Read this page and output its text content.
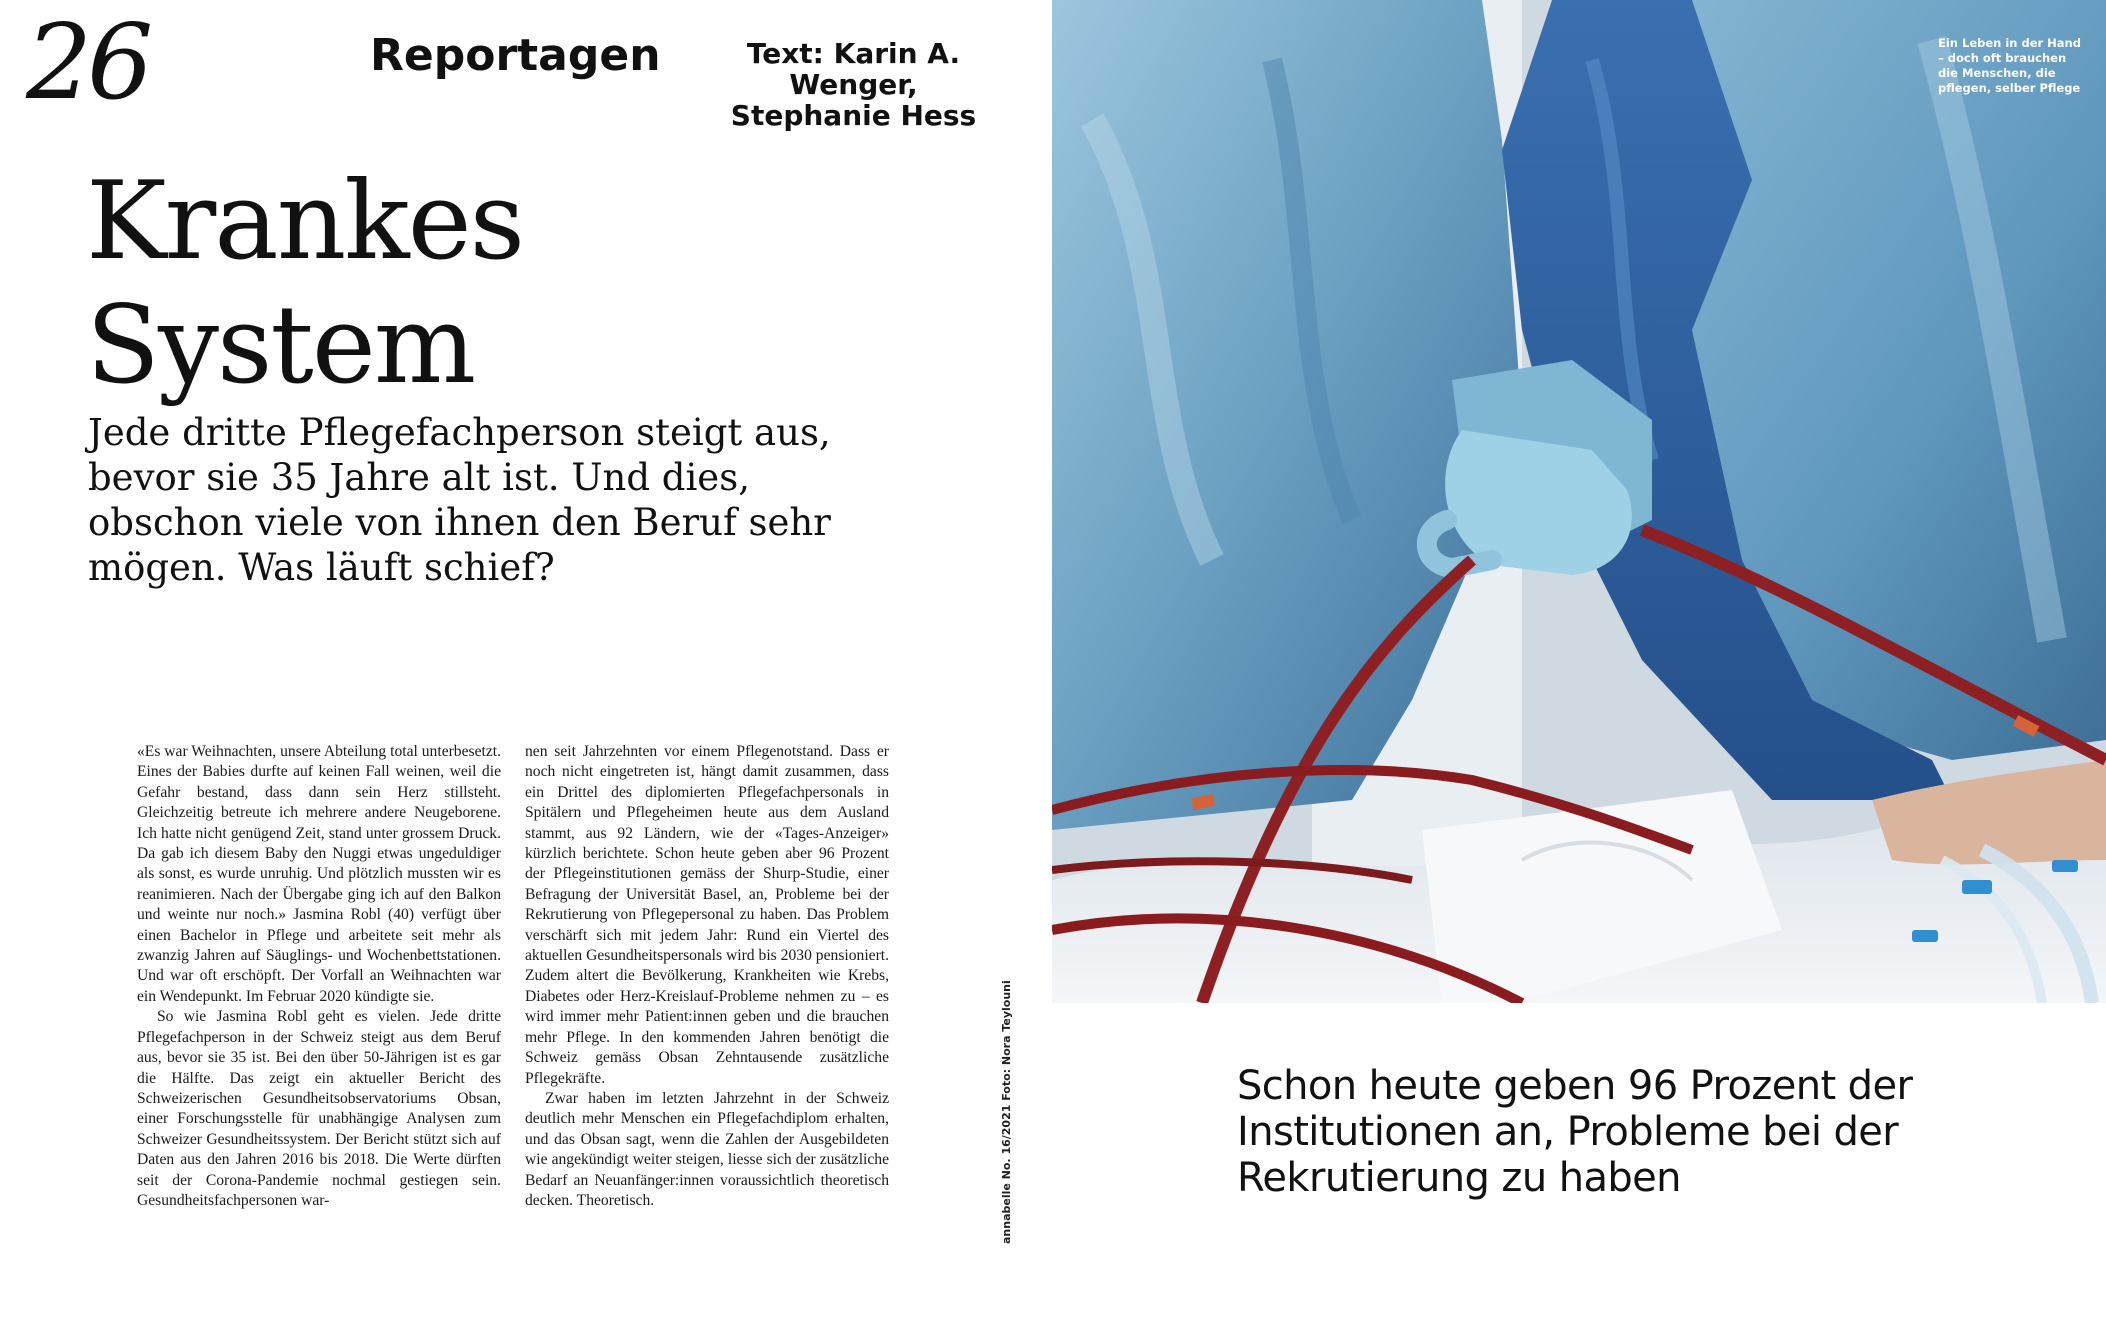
26	Reportagen	Text: Karin A. Wenger, Stephanie Hess
Krankes
System
Jede dritte Pflegefachperson steigt aus, bevor sie 35 Jahre alt ist. Und dies, obschon viele von ihnen den Beruf sehr mögen. Was läuft schief?

«Es war Weihnachten, unsere Abteilung total unterbesetzt. Eines der Babies durfte auf keinen Fall weinen, weil die Gefahr bestand, dass dann sein Herz stillsteht. Gleichzeitig betreute ich mehrere andere Neugeborene. Ich hatte nicht genügend Zeit, stand unter grossem Druck. Da gab ich diesem Baby den Nuggi etwas ungeduldiger als sonst, es wurde unruhig. Und plötzlich mussten wir es reanimieren. Nach der Übergabe ging ich auf den Balkon und weinte nur noch.» Jasmina Robl (40) verfügt über einen Bachelor in Pflege und arbeitete seit mehr als zwanzig Jahren auf Säuglings- und Wochenbettstationen. Und war oft erschöpft. Der Vorfall an Weihnachten war ein Wendepunkt. Im Februar 2020 kündigte sie.

So wie Jasmina Robl geht es vielen. Jede dritte Pflegefachperson in der Schweiz steigt aus dem Beruf aus, bevor sie 35 ist. Bei den über 50-Jährigen ist es gar die Hälfte. Das zeigt ein aktueller Bericht des Schweizerischen Gesundheitsobservatoriums Obsan, einer Forschungsstelle für unabhängige Analysen zum Schweizer Gesundheitssystem. Der Bericht stützt sich auf Daten aus den Jahren 2016 bis 2018. Die Werte dürften seit der Corona-Pandemie nochmal gestiegen sein. Gesundheitsfachpersonen war-

nen seit Jahrzehnten vor einem Pflegenotstand. Dass er noch nicht eingetreten ist, hängt damit zusammen, dass ein Drittel des diplomierten Pflegefachpersonals in Spitälern und Pflegeheimen heute aus dem Ausland stammt, aus 92 Ländern, wie der «Tages-Anzeiger» kürzlich berichtete. Schon heute geben aber 96 Prozent der Pflegeinstitutionen gemäss der Shurp-Studie, einer Befragung der Universität Basel, an, Probleme bei der Rekrutierung von Pflegepersonal zu haben. Das Problem verschärft sich mit jedem Jahr: Rund ein Viertel des aktuellen Gesundheitspersonals wird bis 2030 pensioniert. Zudem altert die Bevölkerung, Krankheiten wie Krebs, Diabetes oder Herz-Kreislauf-Probleme nehmen zu – es wird immer mehr Patient:innen geben und die brauchen mehr Pflege. In den kommenden Jahren benötigt die Schweiz gemäss Obsan Zehntausende zusätzliche Pflegekräfte.

Zwar haben im letzten Jahrzehnt in der Schweiz deutlich mehr Menschen ein Pflegefachdiplom erhalten, und das Obsan sagt, wenn die Zahlen der Ausgebildeten wie angekündigt weiter steigen, liesse sich der zusätzliche Bedarf an Neuanfänger:innen voraussichtlich theoretisch decken. Theoretisch.	annabelle No. 16/2021 Foto: Nora Teylouni
Ein Leben in der Hand – doch oft brauchen die Menschen, die pflegen, selber Pflege
Schon heute geben 96 Prozent der Institutionen an, Probleme bei der Rekrutierung zu haben
